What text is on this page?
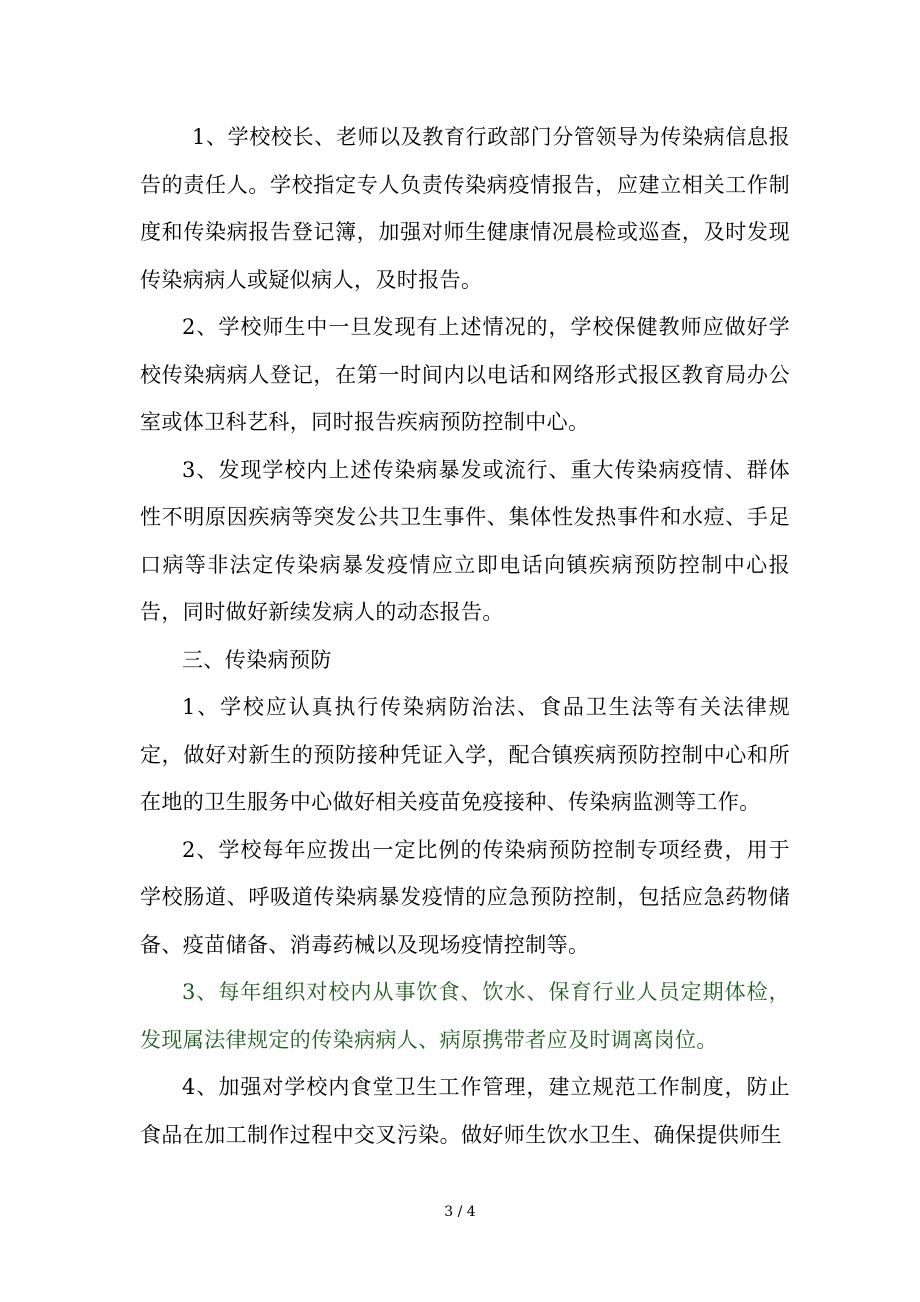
1、学校校长、老师以及教育行政部门分管领导为传染病信息报告的责任人。学校指定专人负责传染病疫情报告，应建立相关工作制度和传染病报告登记簿，加强对师生健康情况晨检或巡查，及时发现传染病病人或疑似病人，及时报告。

2、学校师生中一旦发现有上述情况的，学校保健教师应做好学校传染病病人登记，在第一时间内以电话和网络形式报区教育局办公室或体卫科艺科，同时报告疾病预防控制中心。

3、发现学校内上述传染病暴发或流行、重大传染病疫情、群体性不明原因疾病等突发公共卫生事件、集体性发热事件和水痘、手足口病等非法定传染病暴发疫情应立即电话向镇疾病预防控制中心报告，同时做好新续发病人的动态报告。

三、传染病预防

1、学校应认真执行传染病防治法、食品卫生法等有关法律规定，做好对新生的预防接种凭证入学，配合镇疾病预防控制中心和所在地的卫生服务中心做好相关疫苗免疫接种、传染病监测等工作。

2、学校每年应拨出一定比例的传染病预防控制专项经费，用于学校肠道、呼吸道传染病暴发疫情的应急预防控制，包括应急药物储备、疫苗储备、消毒药械以及现场疫情控制等。

3、每年组织对校内从事饮食、饮水、保育行业人员定期体检，发现属法律规定的传染病病人、病原携带者应及时调离岗位。

4、加强对学校内食堂卫生工作管理，建立规范工作制度，防止食品在加工制作过程中交叉污染。做好师生饮水卫生、确保提供师生

3 / 4
